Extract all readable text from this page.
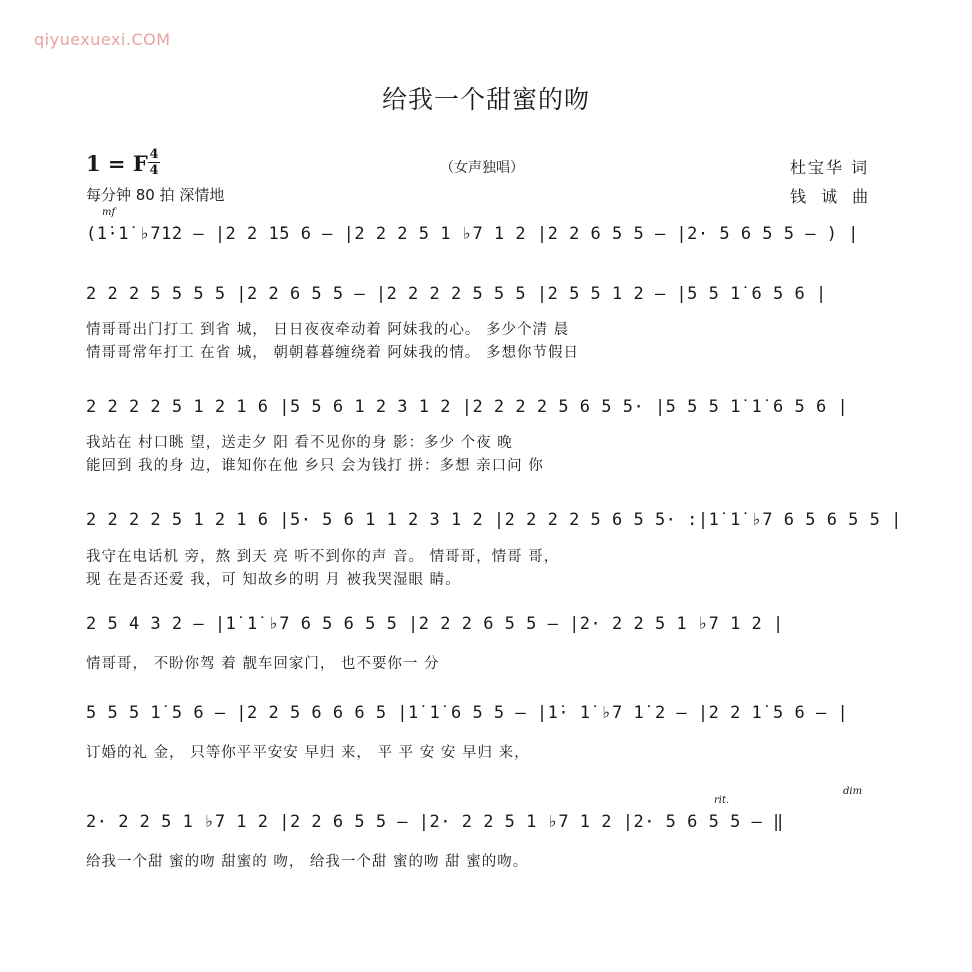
qiyuexuexi.COM
给我一个甜蜜的吻
1 = F 4
4	（女声独唱）
每分钟 80 拍 深情地
杜宝华 词
钱 诚 曲
mf
rit.
dim
(1̇·1̇ ♭71̇2 — |2 2 1̇5 6 — |2 2 2 5 1 ♭7 1 2 |2 2 6 5 5 — |2· 5 6 5 5 — ) |
2 2 2 5 5 5 5 |2 2 6 5 5 — |2 2 2 2 5 5 5 |2 5 5 1 2 — |5 5 1̇ 6 5 6 |
情哥哥出门打工 到省 城， 日日夜夜牵动着 阿妹我的心。 多少个清 晨
情哥哥常年打工 在省 城， 朝朝暮暮缠绕着 阿妹我的情。 多想你节假日
2 2 2 2 5 1 2 1 6 |5 5 6 1 2 3 1 2 |2 2 2 2 5 6 5 5· |5 5 5 1̇ 1̇ 6 5 6 |
我站在 村口眺 望，送走夕 阳 看不见你的身 影：多少 个夜 晚
能回到 我的身 边，谁知你在他 乡只 会为钱打 拼：多想 亲口问 你
2 2 2 2 5 1 2 1 6 |5· 5 6 1 1 2 3 1 2 |2 2 2 2 5 6 5 5· :|1̇ 1̇ ♭7 6 5 6 5 5 |
我守在电话机 旁，熬 到天 亮 听不到你的声 音。 情哥哥，情哥 哥，
现 在是否还爱 我，可 知故乡的明 月 被我哭湿眼 睛。
2 5 4 3 2 — |1̇ 1̇ ♭7 6 5 6 5 5 |2 2 2 6 5 5 — |2· 2 2 5 1 ♭7 1 2 |
情哥哥， 不盼你驾 着 靓车回家门， 也不要你一 分
5 5 5 1̇ 5 6 — |2 2 5 6 6 6 5 |1̇ 1̇ 6 5 5 — |1̇· 1̇ ♭7 1̇ 2 — |2 2 1̇ 5 6 — |
订婚的礼 金， 只等你平平安安 早归 来， 平 平 安 安 早归 来，
2· 2 2 5 1 ♭7 1 2 |2 2 6 5 5 — |2· 2 2 5 1 ♭7 1 2 |2· 5 6 5 5 — ‖
给我一个甜 蜜的吻 甜蜜的 吻， 给我一个甜 蜜的吻 甜 蜜的吻。
